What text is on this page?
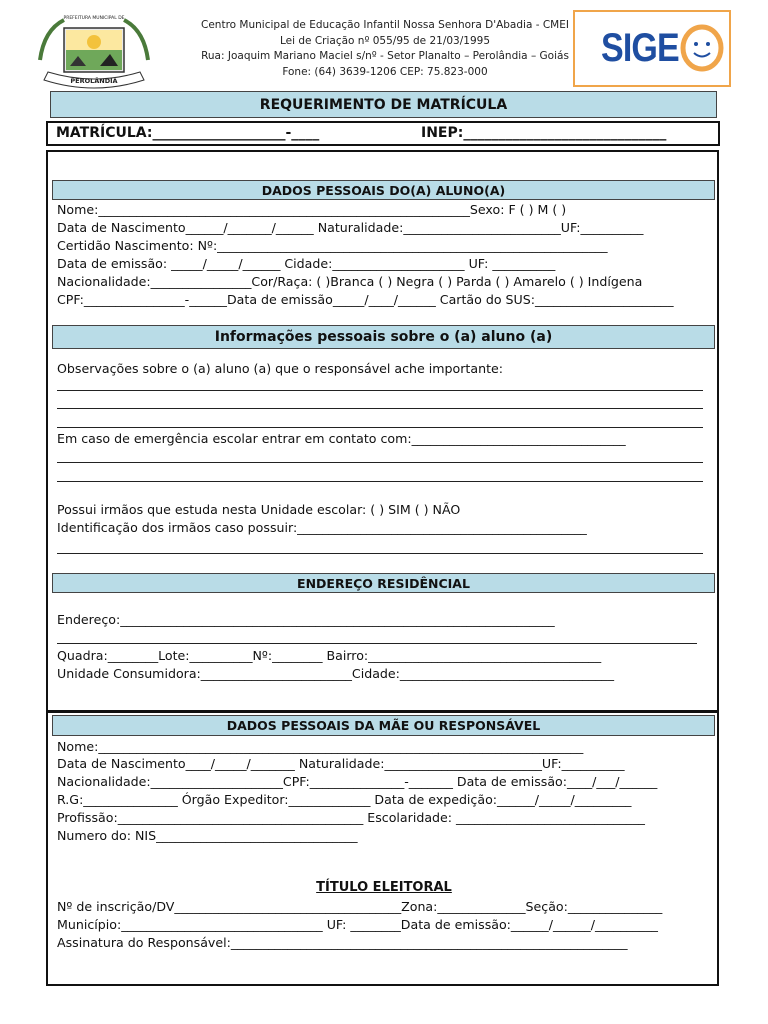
PEROLÂNDIA
PREFEITURA MUNICIPAL DE
Centro Municipal de Educação Infantil Nossa Senhora D'Abadia - CMEI
Lei de Criação nº 055/95 de 21/03/1995
Rua: Joaquim Mariano Maciel s/nº - Setor Planalto – Perolândia – Goiás
Fone: (64) 3639-1206 CEP: 75.823-000
SIGE
REQUERIMENTO DE MATRÍCULA
MATRÍCULA:___________________-____	INEP:_____________________________
DADOS PESSOAIS DO(A) ALUNO(A)
Nome:___________________________________________________________Sexo: F ( ) M ( )
Data de Nascimento______/_______/______ Naturalidade:_________________________UF:__________
Certidão Nascimento: Nº:______________________________________________________________
Data de emissão: _____/_____/______ Cidade:_____________________ UF: __________
Nacionalidade:________________Cor/Raça: ( )Branca ( ) Negra ( ) Parda ( ) Amarelo ( ) Indígena
CPF:________________-______Data de emissão_____/____/______ Cartão do SUS:______________________
Informações pessoais sobre o (a) aluno (a)
Observações sobre o (a) aluno (a) que o responsável ache importante:
Em caso de emergência escolar entrar em contato com:__________________________________
Possui irmãos que estuda nesta Unidade escolar: ( ) SIM ( ) NÃO
Identificação dos irmãos caso possuir:______________________________________________
ENDEREÇO RESIDÊNCIAL
Endereço:_____________________________________________________________________
Quadra:________Lote:__________Nº:________ Bairro:_____________________________________
Unidade Consumidora:________________________Cidade:__________________________________
DADOS PESSOAIS DA MÃE OU RESPONSÁVEL
Nome:_____________________________________________________________________________
Data de Nascimento____/_____/_______ Naturalidade:_________________________UF:__________
Nacionalidade:_____________________CPF:_______________-_______ Data de emissão:____/___/______
R.G:_______________ Órgão Expeditor:_____________ Data de expedição:______/_____/_________
Profissão:_______________________________________ Escolaridade: ______________________________
Numero do: NIS________________________________
TÍTULO ELEITORAL
Nº de inscrição/DV____________________________________Zona:______________Seção:_______________
Município:________________________________ UF: ________Data de emissão:______/______/__________
Assinatura do Responsável:_______________________________________________________________
